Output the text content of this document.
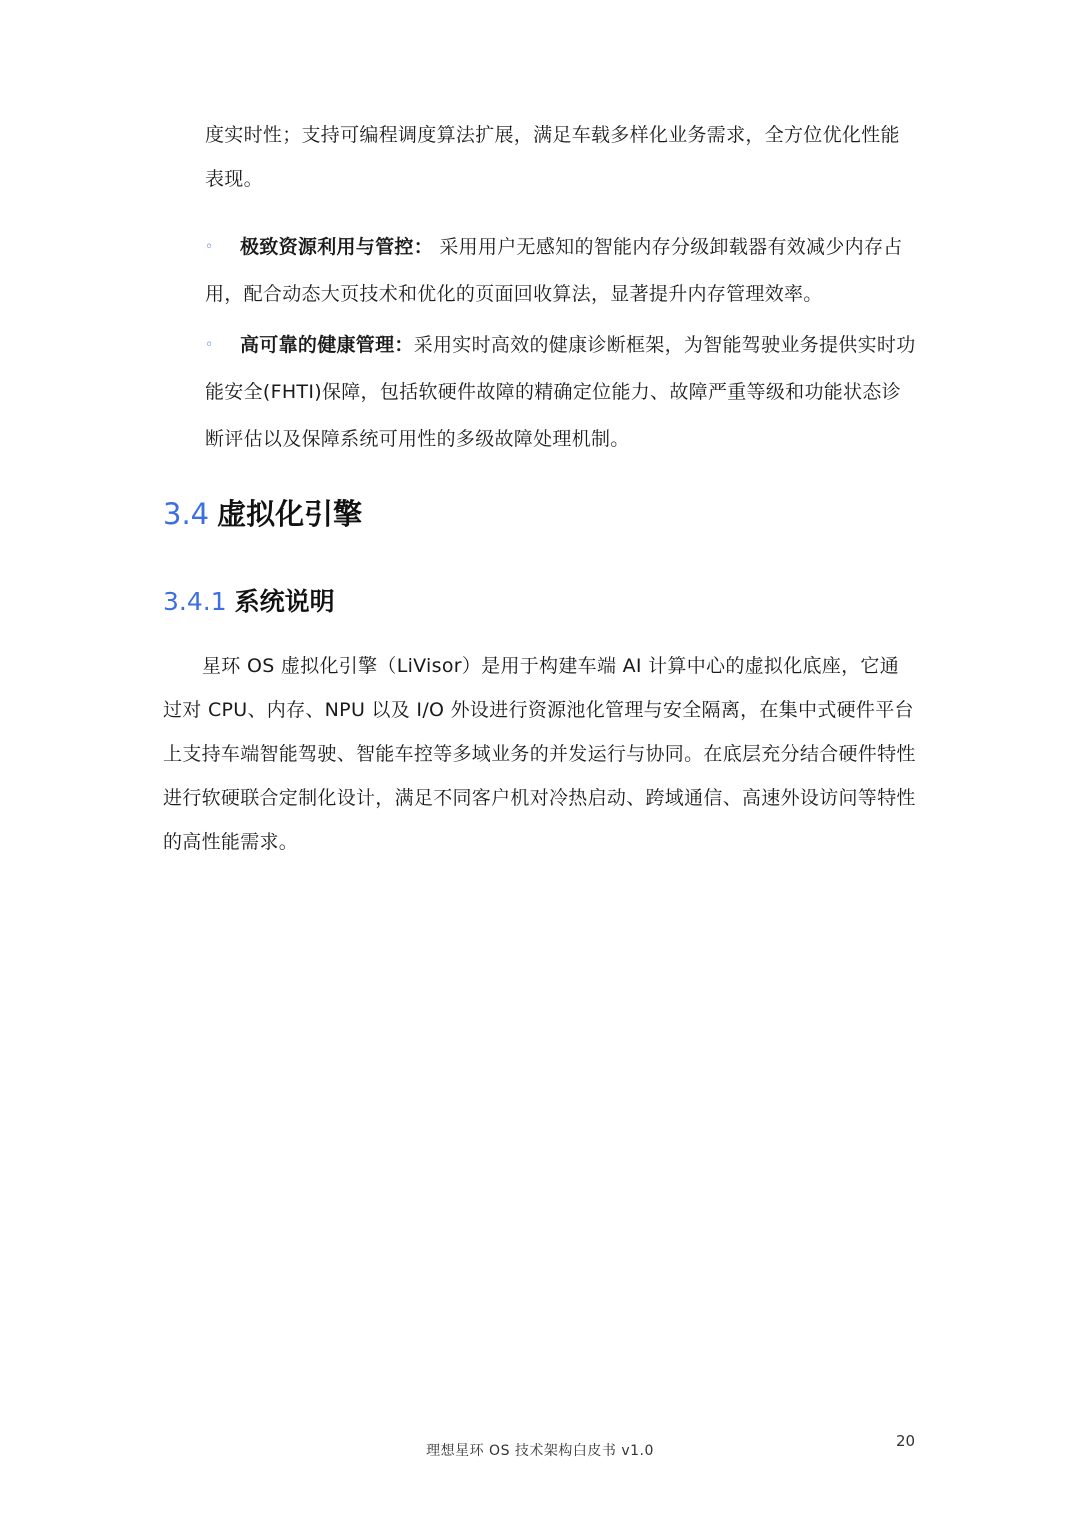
度实时性；支持可编程调度算法扩展，满足车载多样化业务需求，全方位优化性能表现。

◦ 极致资源利用与管控： 采用用户无感知的智能内存分级卸载器有效减少内存占用，配合动态大页技术和优化的页面回收算法，显著提升内存管理效率。
◦ 高可靠的健康管理：采用实时高效的健康诊断框架，为智能驾驶业务提供实时功能安全(FHTI)保障，包括软硬件故障的精确定位能力、故障严重等级和功能状态诊断评估以及保障系统可用性的多级故障处理机制。
3.4 虚拟化引擎
3.4.1 系统说明

星环 OS 虚拟化引擎（LiVisor）是用于构建车端 AI 计算中心的虚拟化底座，它通过对 CPU、内存、NPU 以及 I/O 外设进行资源池化管理与安全隔离，在集中式硬件平台上支持车端智能驾驶、智能车控等多域业务的并发运行与协同。在底层充分结合硬件特性进行软硬联合定制化设计，满足不同客户机对冷热启动、跨域通信、高速外设访问等特性的高性能需求。

理想星环 OS 技术架构白皮书 v1.0
20
